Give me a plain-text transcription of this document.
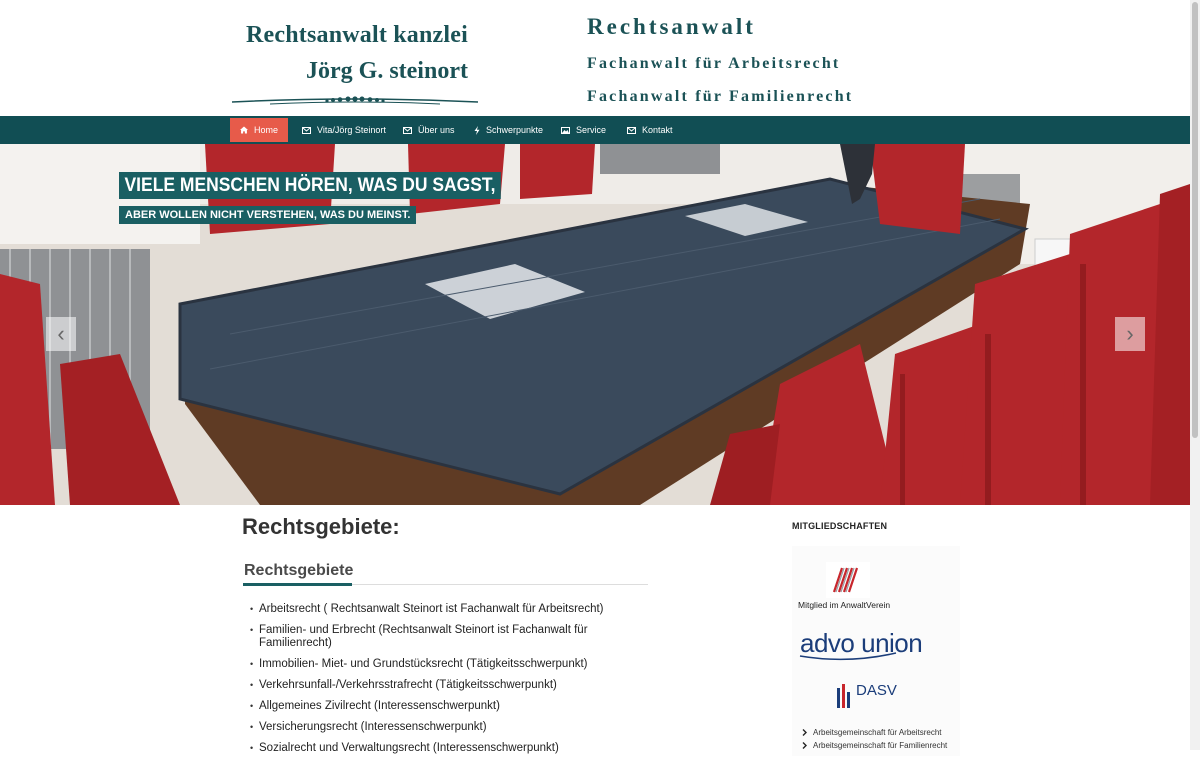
Rechtsanwalt kanzlei
Jörg G. steinort
Rechtsanwalt
Fachanwalt für Arbeitsrecht
Fachanwalt für Familienrecht
Home	Vita/Jörg Steinort	Über uns	Schwerpunkte	Service	Kontakt
VIELE MENSCHEN HÖREN, WAS DU SAGST,
ABER WOLLEN NICHT VERSTEHEN, WAS DU MEINST.
‹	›
Rechtsgebiete:
Rechtsgebiete
• Arbeitsrecht ( Rechtsanwalt Steinort ist Fachanwalt für Arbeitsrecht)
• Familien- und Erbrecht (Rechtsanwalt Steinort ist Fachanwalt für Familienrecht)
• Immobilien- Miet- und Grundstücksrecht (Tätigkeitsschwerpunkt)
• Verkehrsunfall-/Verkehrsstrafrecht (Tätigkeitsschwerpunkt)
• Allgemeines Zivilrecht (Interessenschwerpunkt)
• Versicherungsrecht (Interessenschwerpunkt)
• Sozialrecht und Verwaltungsrecht (Interessenschwerpunkt)
MITGLIEDSCHAFTEN
Mitglied im AnwaltVerein
advo union
DASV
Arbeitsgemeinschaft für Arbeitsrecht
Arbeitsgemeinschaft für Familienrecht
